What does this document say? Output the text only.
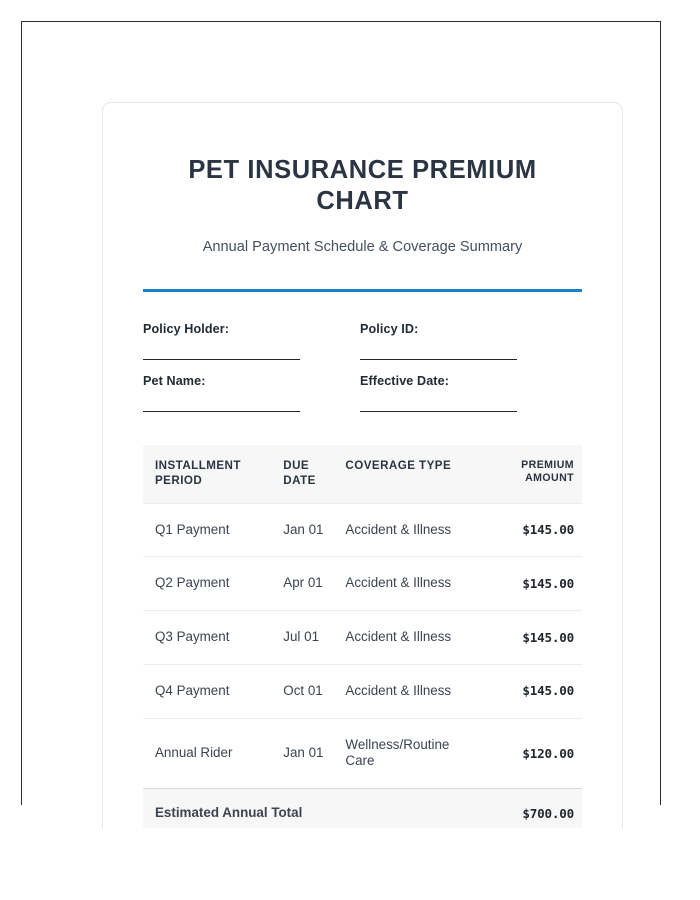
PET INSURANCE PREMIUM CHART

Annual Payment Schedule & Coverage Summary

Policy Holder:
Pet Name:
Policy ID:
Effective Date:
INSTALLMENT PERIOD	DUE DATE	COVERAGE TYPE	PREMIUM AMOUNT
Q1 Payment	Jan 01	Accident & Illness	$145.00
Q2 Payment	Apr 01	Accident & Illness	$145.00
Q3 Payment	Jul 01	Accident & Illness	$145.00
Q4 Payment	Oct 01	Accident & Illness	$145.00
Annual Rider	Jan 01	Wellness/Routine Care	$120.00
Estimated Annual Total			$700.00
